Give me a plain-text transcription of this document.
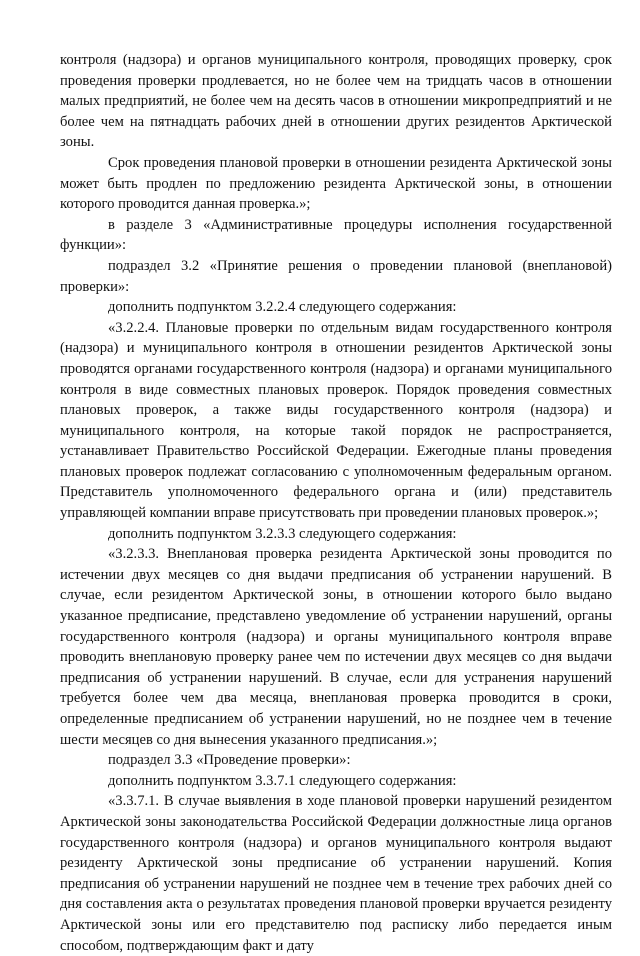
контроля (надзора) и органов муниципального контроля, проводящих проверку, срок проведения проверки продлевается, но не более чем на тридцать часов в отношении малых предприятий, не более чем на десять часов в отношении микропредприятий и не более чем на пятнадцать рабочих дней в отношении других резидентов Арктической зоны.

Срок проведения плановой проверки в отношении резидента Арктической зоны может быть продлен по предложению резидента Арктической зоны, в отношении которого проводится данная проверка.»;

в разделе 3 «Административные процедуры исполнения государственной функции»:

подраздел 3.2 «Принятие решения о проведении плановой (внеплановой) проверки»:

дополнить подпунктом 3.2.2.4 следующего содержания:

«3.2.2.4. Плановые проверки по отдельным видам государственного контроля (надзора) и муниципального контроля в отношении резидентов Арктической зоны проводятся органами государственного контроля (надзора) и органами муниципального контроля в виде совместных плановых проверок. Порядок проведения совместных плановых проверок, а также виды государственного контроля (надзора) и муниципального контроля, на которые такой порядок не распространяется, устанавливает Правительство Российской Федерации. Ежегодные планы проведения плановых проверок подлежат согласованию с уполномоченным федеральным органом. Представитель уполномоченного федерального органа и (или) представитель управляющей компании вправе присутствовать при проведении плановых проверок.»;

дополнить подпунктом 3.2.3.3 следующего содержания:

«3.2.3.3. Внеплановая проверка резидента Арктической зоны проводится по истечении двух месяцев со дня выдачи предписания об устранении нарушений. В случае, если резидентом Арктической зоны, в отношении которого было выдано указанное предписание, представлено уведомление об устранении нарушений, органы государственного контроля (надзора) и органы муниципального контроля вправе проводить внеплановую проверку ранее чем по истечении двух месяцев со дня выдачи предписания об устранении нарушений. В случае, если для устранения нарушений требуется более чем два месяца, внеплановая проверка проводится в сроки, определенные предписанием об устранении нарушений, но не позднее чем в течение шести месяцев со дня вынесения указанного предписания.»;

подраздел 3.3 «Проведение проверки»:

дополнить подпунктом 3.3.7.1 следующего содержания:

«3.3.7.1. В случае выявления в ходе плановой проверки нарушений резидентом Арктической зоны законодательства Российской Федерации должностные лица органов государственного контроля (надзора) и органов муниципального контроля выдают резиденту Арктической зоны предписание об устранении нарушений. Копия предписания об устранении нарушений не позднее чем в течение трех рабочих дней со дня составления акта о результатах проведения плановой проверки вручается резиденту Арктической зоны или его представителю под расписку либо передается иным способом, подтверждающим факт и дату
